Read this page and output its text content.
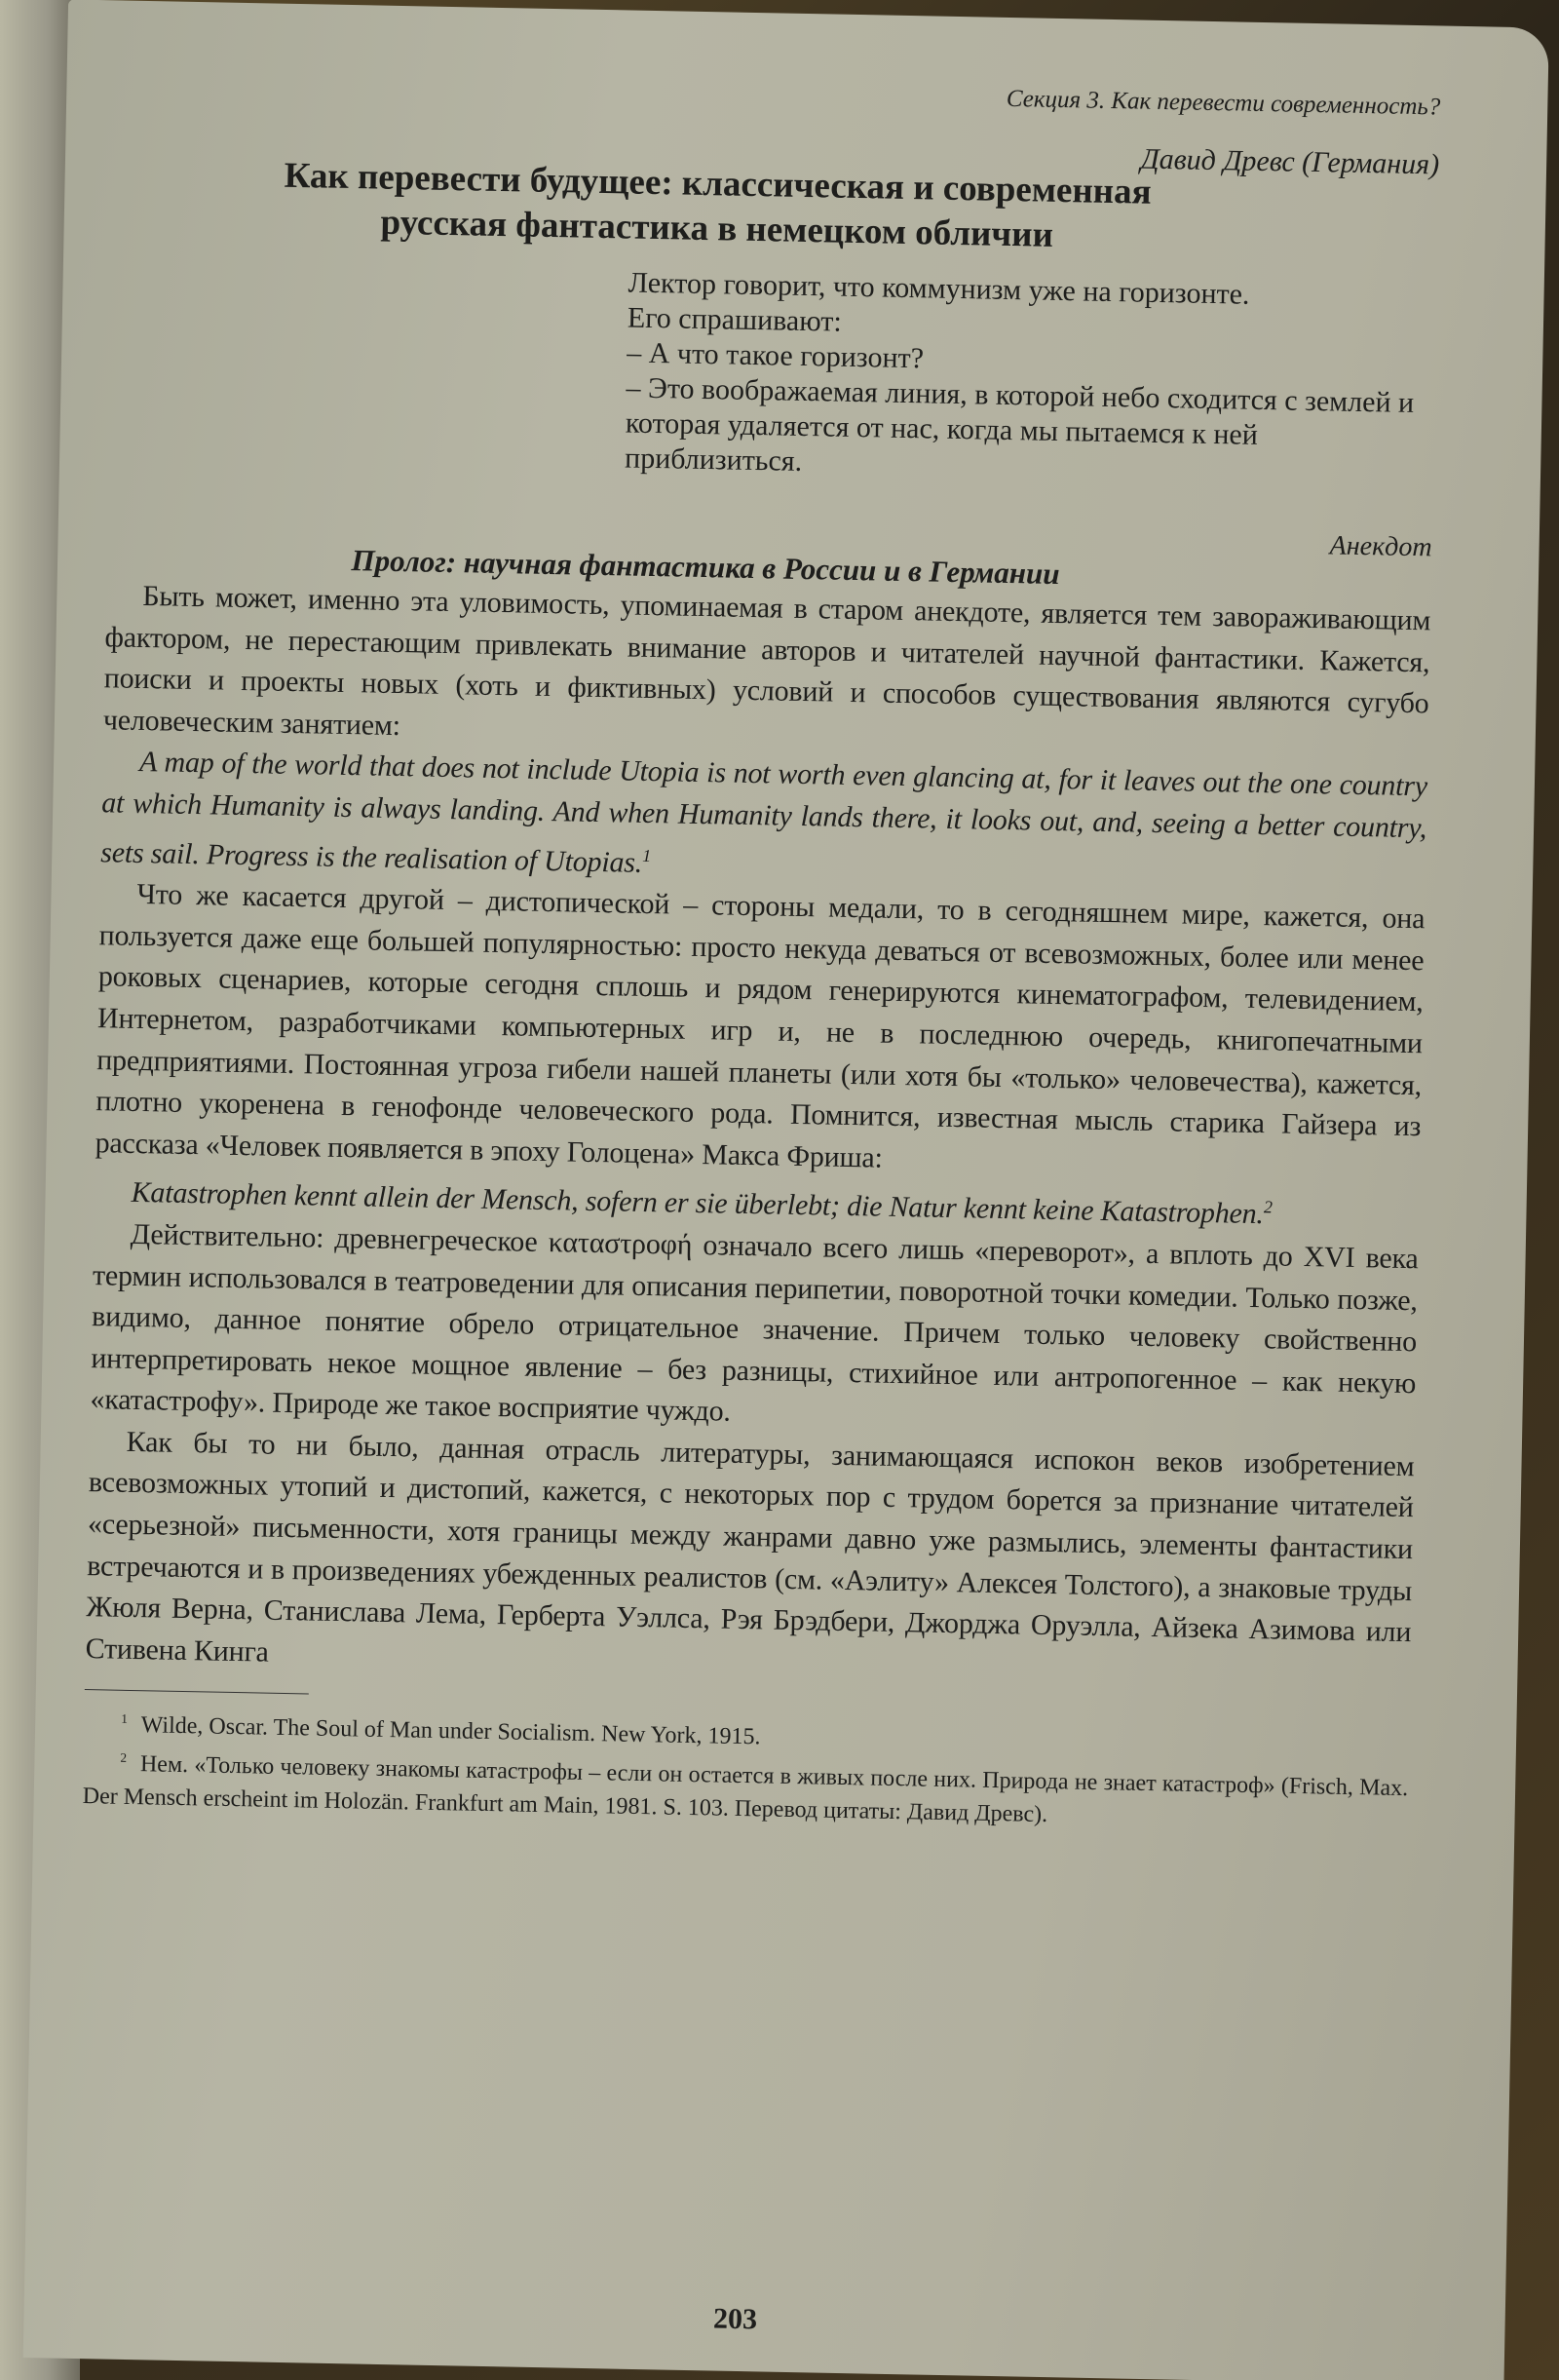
Секция 3. Как перевести современность?
Давид Древс (Германия)
Как перевести будущее: классическая и современная
русская фантастика в немецком обличии

Лектор говорит, что коммунизм уже на горизонте.

Его спрашивают:

– А что такое горизонт?

– Это воображаемая линия, в которой небо сходится с землей и которая удаляется от нас, когда мы пытаемся к ней приблизиться.

Анекдот
Пролог: научная фантастика в России и в Германии

Быть может, именно эта уловимость, упоминаемая в старом анекдоте, является тем завораживающим фактором, не перестающим привлекать внимание авторов и читателей научной фантастики. Кажется, поиски и проекты новых (хоть и фиктивных) условий и способов существования являются сугубо человеческим занятием:

A map of the world that does not include Utopia is not worth even glancing at, for it leaves out the one country at which Humanity is always landing. And when Humanity lands there, it looks out, and, seeing a better country, sets sail. Progress is the realisation of Utopias.$^1$

Что же касается другой – дистопической – стороны медали, то в сегодняшнем мире, кажется, она пользуется даже еще большей популярностью: просто некуда деваться от всевозможных, более или менее роковых сценариев, которые сегодня сплошь и рядом генерируются кинематографом, телевидением, Интернетом, разработчиками компьютерных игр и, не в последнюю очередь, книгопечатными предприятиями. Постоянная угроза гибели нашей планеты (или хотя бы «только» человечества), кажется, плотно укоренена в генофонде человеческого рода. Помнится, известная мысль старика Гайзера из рассказа «Человек появляется в эпоху Голоцена» Макса Фриша:

Katastrophen kennt allein der Mensch, sofern er sie überlebt; die Natur kennt keine Katastrophen.$^2$

Действительно: древнегреческое καταστροφή означало всего лишь «переворот», а вплоть до XVI века термин использовался в театроведении для описания перипетии, поворотной точки комедии. Только позже, видимо, данное понятие обрело отрицательное значение. Причем только человеку свойственно интерпретировать некое мощное явление – без разницы, стихийное или антропогенное – как некую «катастрофу». Природе же такое восприятие чуждо.

Как бы то ни было, данная отрасль литературы, занимающаяся испокон веков изобретением всевозможных утопий и дистопий, кажется, с некоторых пор с трудом борется за признание читателей «серьезной» письменности, хотя границы между жанрами давно уже размылись, элементы фантастики встречаются и в произведениях убежденных реалистов (см. «Аэлиту» Алексея Толстого), а знаковые труды Жюля Верна, Станислава Лема, Герберта Уэллса, Рэя Брэдбери, Джорджа Оруэлла, Айзека Азимова или Стивена Кинга

$^1$ Wilde, Oscar. The Soul of Man under Socialism. New York, 1915.

$^2$ Нем. «Только человеку знакомы катастрофы – если он остается в живых после них. Природа не знает катастроф» (Frisch, Max. Der Mensch erscheint im Holozän. Frankfurt am Main, 1981. S. 103. Перевод цитаты: Давид Древс).

203
